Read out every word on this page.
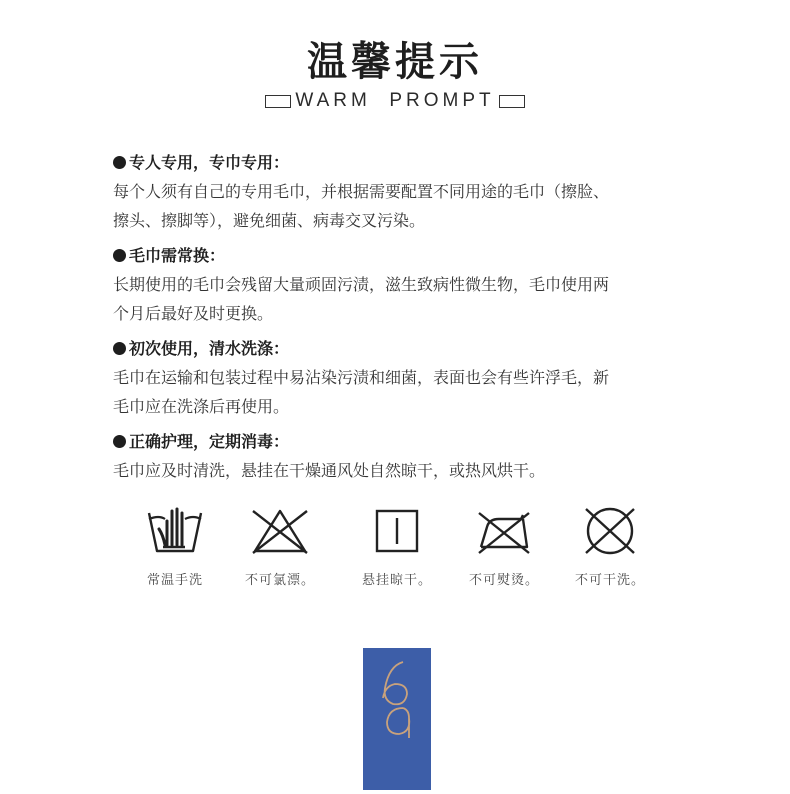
温馨提示
WARM  PROMPT
专人专用，专巾专用：
每个人须有自己的专用毛巾，并根据需要配置不同用途的毛巾（擦脸、
擦头、擦脚等），避免细菌、病毒交叉污染。
毛巾需常换：
长期使用的毛巾会残留大量顽固污渍，滋生致病性微生物，毛巾使用两
个月后最好及时更换。
初次使用，清水洗涤：
毛巾在运输和包装过程中易沾染污渍和细菌，表面也会有些许浮毛，新
毛巾应在洗涤后再使用。
正确护理，定期消毒：
毛巾应及时清洗，悬挂在干燥通风处自然晾干，或热风烘干。
常温手洗	不可氯漂。	悬挂晾干。	不可熨烫。	不可干洗。
